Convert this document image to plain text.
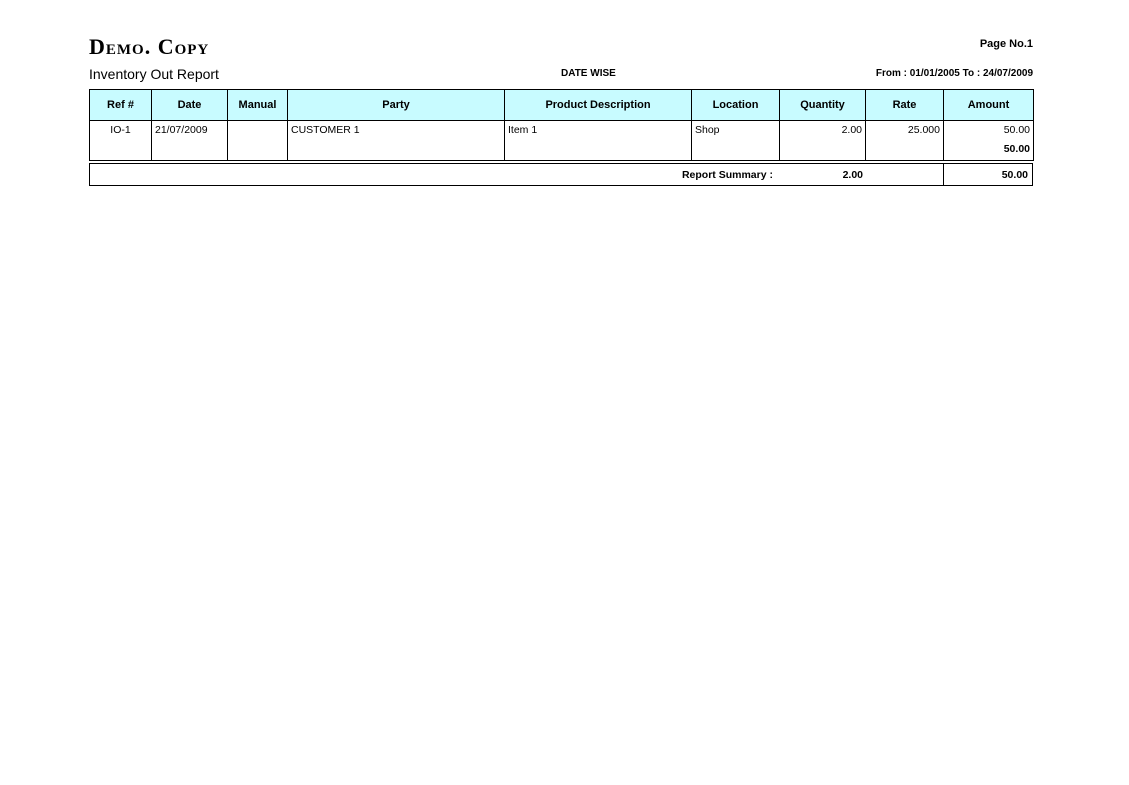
Demo. Copy	Page No.1
Inventory Out Report	DATE WISE	From : 01/01/2005 To : 24/07/2009
Ref #	Date	Manual	Party	Product Description	Location	Quantity	Rate	Amount
IO-1	21/07/2009		CUSTOMER 1	Item 1	Shop	2.00	25.000	50.00
50.00
Report Summary :	2.00	50.00
